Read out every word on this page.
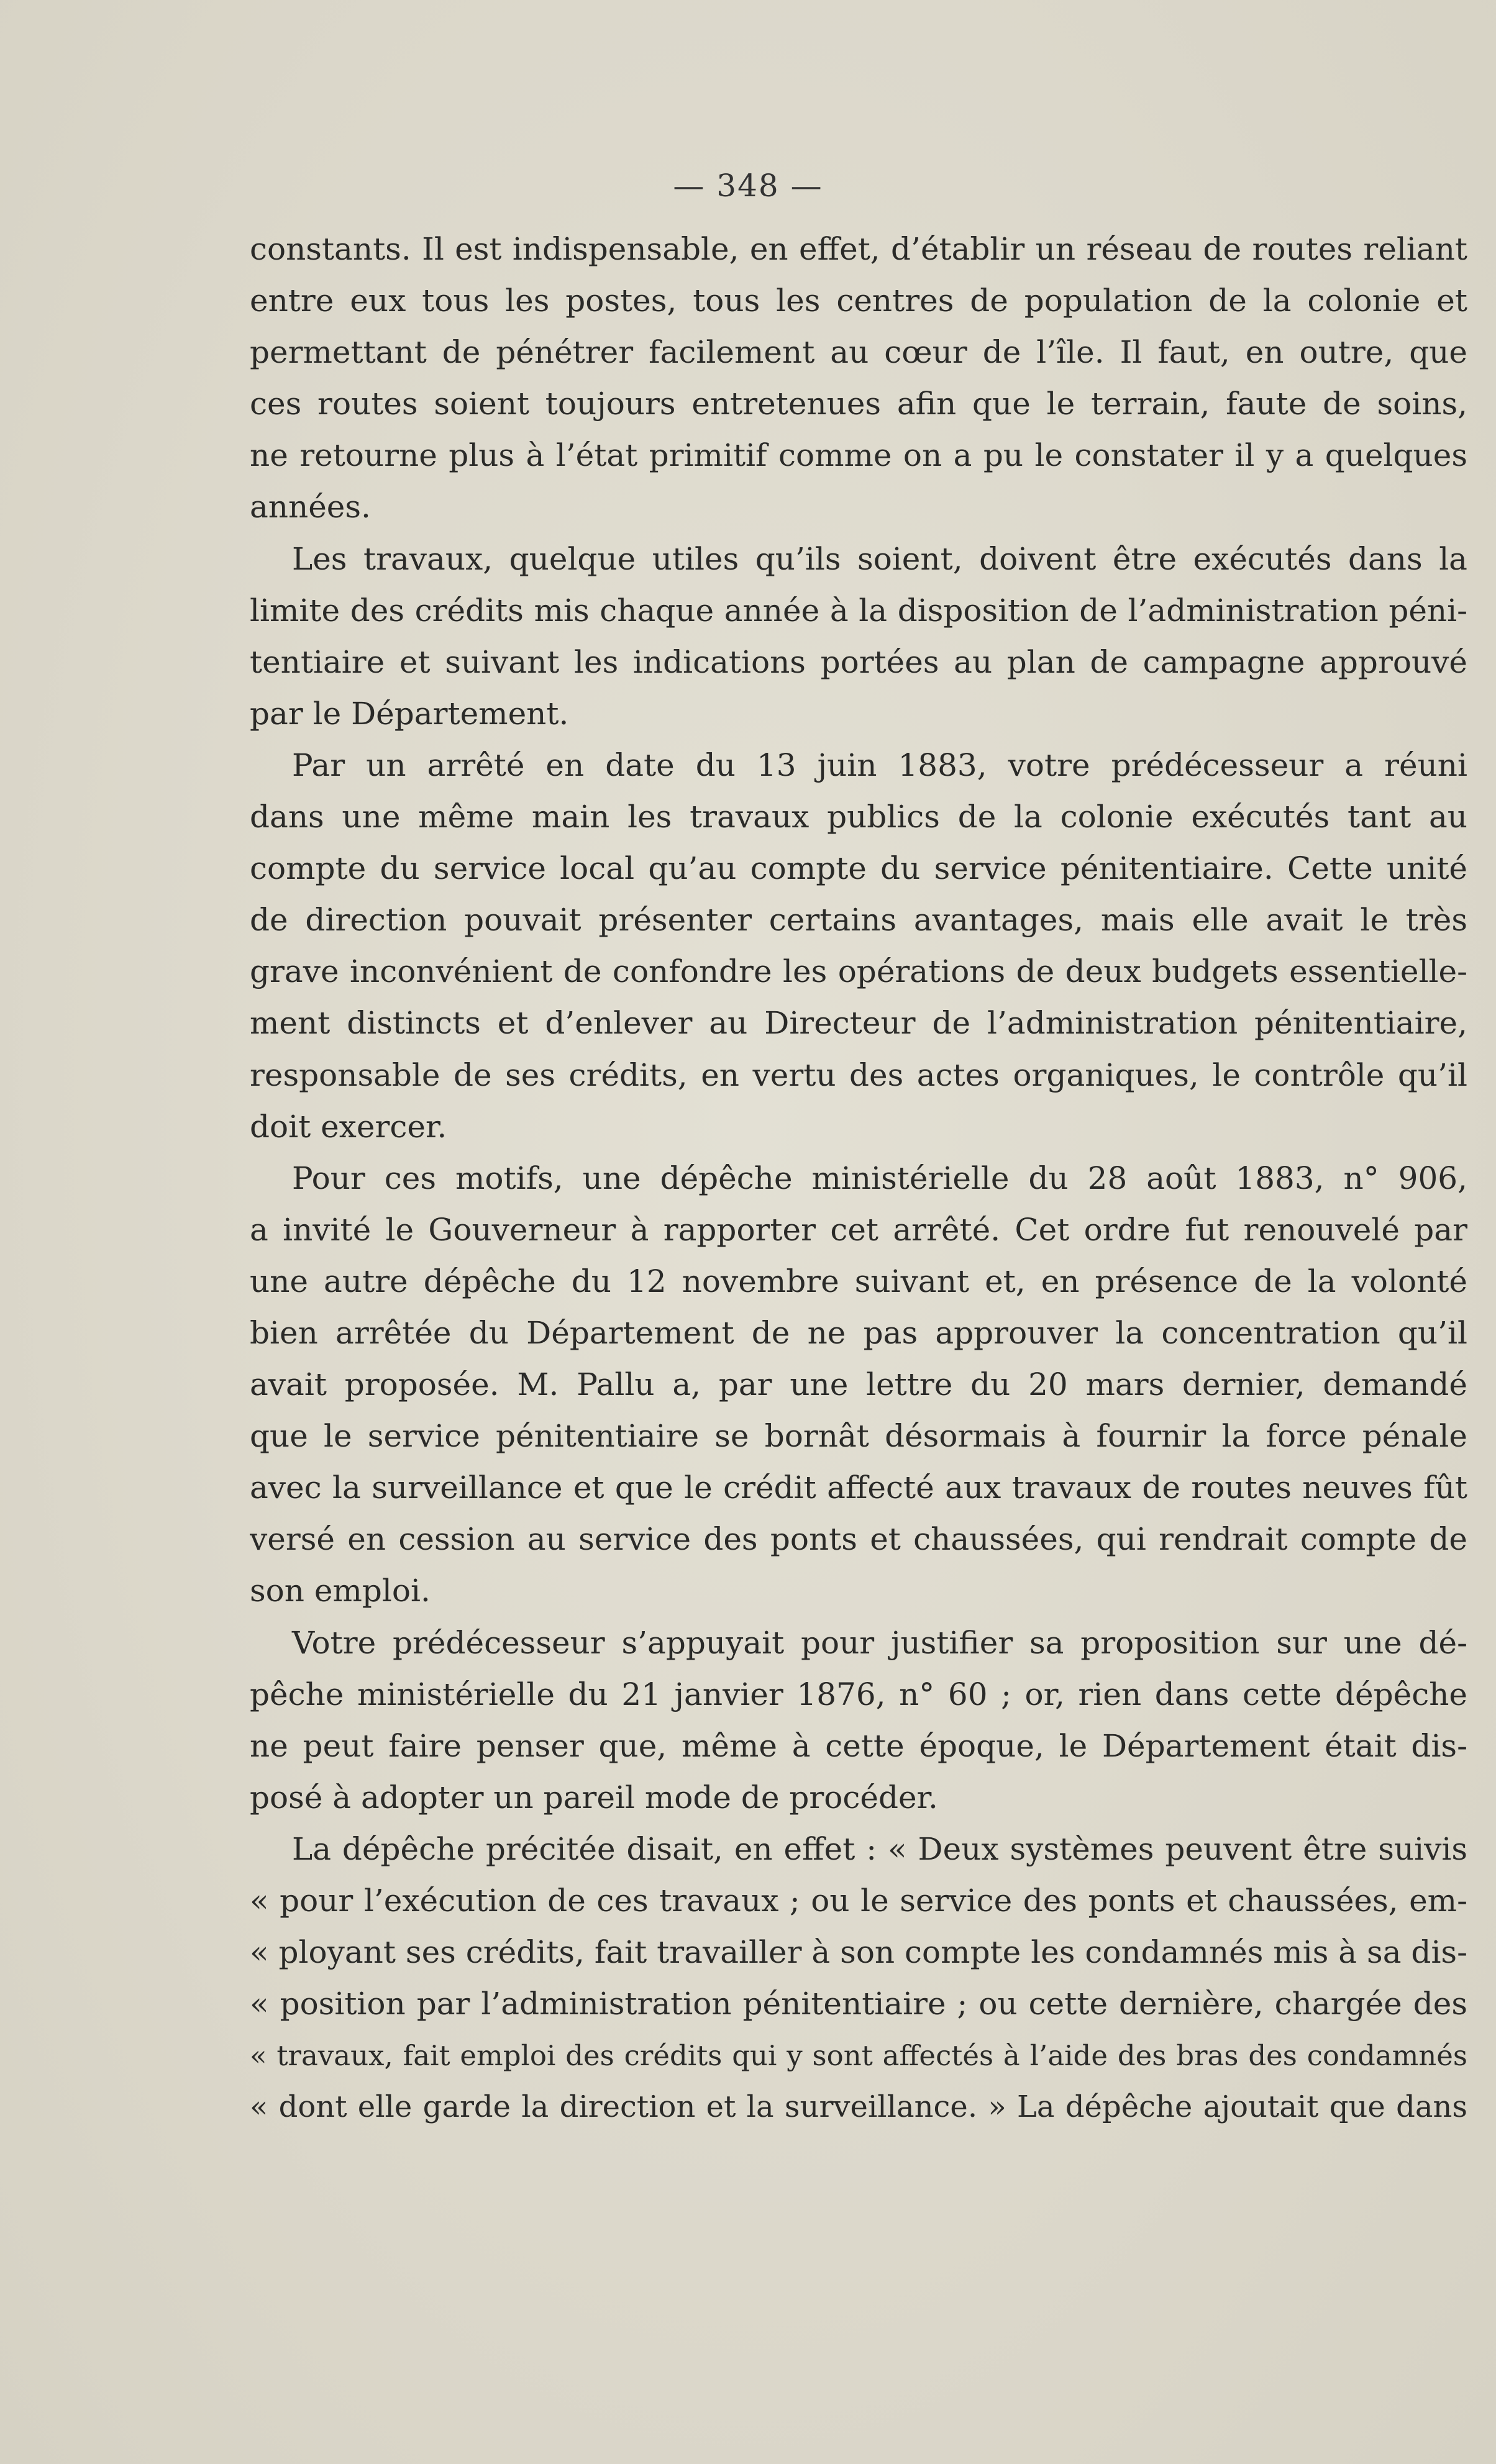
— 348 —
constants. Il est indispensable, en effet, d’établir un réseau de routes reliant
entre eux tous les postes, tous les centres de population de la colonie et
permettant de pénétrer facilement au cœur de l’île. Il faut, en outre, que
ces routes soient toujours entretenues afin que le terrain, faute de soins,
ne retourne plus à l’état primitif comme on a pu le constater il y a quelques
années.
Les travaux, quelque utiles qu’ils soient, doivent être exécutés dans la
limite des crédits mis chaque année à la disposition de l’administration péni-
tentiaire et suivant les indications portées au plan de campagne approuvé
par le Département.
Par un arrêté en date du 13 juin 1883, votre prédécesseur a réuni
dans une même main les travaux publics de la colonie exécutés tant au
compte du service local qu’au compte du service pénitentiaire. Cette unité
de direction pouvait présenter certains avantages, mais elle avait le très
grave inconvénient de confondre les opérations de deux budgets essentielle-
ment distincts et d’enlever au Directeur de l’administration pénitentiaire,
responsable de ses crédits, en vertu des actes organiques, le contrôle qu’il
doit exercer.
Pour ces motifs, une dépêche ministérielle du 28 août 1883, n° 906,
a invité le Gouverneur à rapporter cet arrêté. Cet ordre fut renouvelé par
une autre dépêche du 12 novembre suivant et, en présence de la volonté
bien arrêtée du Département de ne pas approuver la concentration qu’il
avait proposée. M. Pallu a, par une lettre du 20 mars dernier, demandé
que le service pénitentiaire se bornât désormais à fournir la force pénale
avec la surveillance et que le crédit affecté aux travaux de routes neuves fût
versé en cession au service des ponts et chaussées, qui rendrait compte de
son emploi.
Votre prédécesseur s’appuyait pour justifier sa proposition sur une dé-
pêche ministérielle du 21 janvier 1876, n° 60 ; or, rien dans cette dépêche
ne peut faire penser que, même à cette époque, le Département était dis-
posé à adopter un pareil mode de procéder.
La dépêche précitée disait, en effet : « Deux systèmes peuvent être suivis
« pour l’exécution de ces travaux ; ou le service des ponts et chaussées, em-
« ployant ses crédits, fait travailler à son compte les condamnés mis à sa dis-
« position par l’administration pénitentiaire ; ou cette dernière, chargée des
« travaux, fait emploi des crédits qui y sont affectés à l’aide des bras des condamnés
« dont elle garde la direction et la surveillance. » La dépêche ajoutait que dans
